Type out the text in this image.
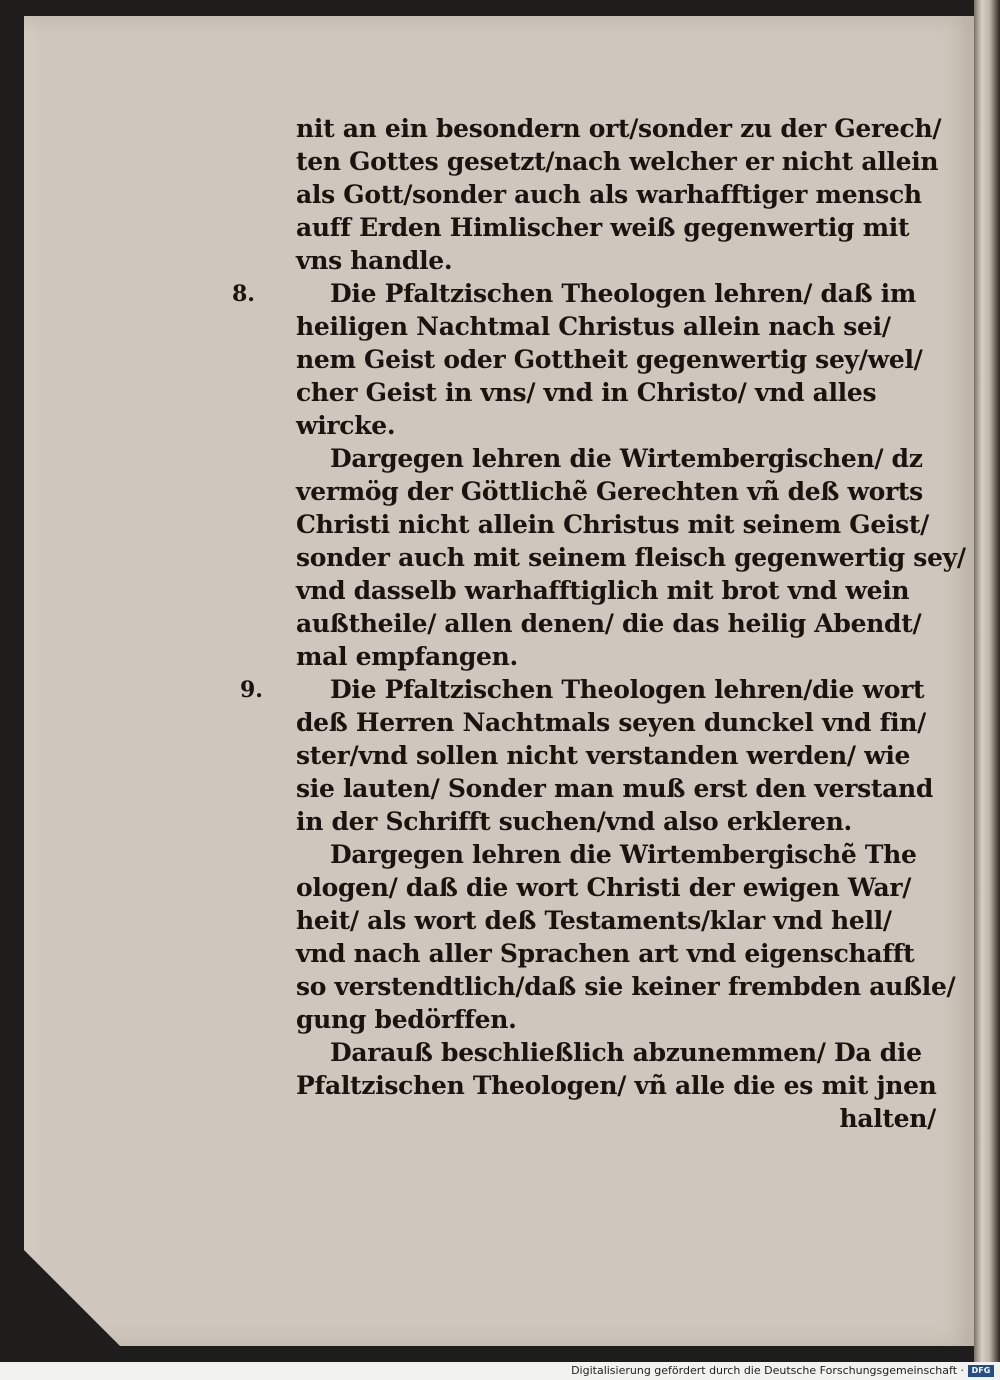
nit an ein besondern ort/sonder zu der Gerech/
ten Gottes gesetzt/nach welcher er nicht allein
als Gott/sonder auch als warhafftiger mensch
auff Erden Himlischer weiß gegenwertig mit
vns handle.
Die Pfaltzischen Theologen lehren/ daß im
heiligen Nachtmal Christus allein nach sei/
nem Geist oder Gottheit gegenwertig sey/wel/
cher Geist in vns/ vnd in Christo/ vnd alles
wircke.
Dargegen lehren die Wirtembergischen/ dz
vermög der Göttlichẽ Gerechten vñ deß worts
Christi nicht allein Christus mit seinem Geist/
sonder auch mit seinem fleisch gegenwertig sey/
vnd dasselb warhafftiglich mit brot vnd wein
außtheile/ allen denen/ die das heilig Abendt/
mal empfangen.
Die Pfaltzischen Theologen lehren/die wort
deß Herren Nachtmals seyen dunckel vnd fin/
ster/vnd sollen nicht verstanden werden/ wie
sie lauten/ Sonder man muß erst den verstand
in der Schrifft suchen/vnd also erkleren.
Dargegen lehren die Wirtembergischẽ The
ologen/ daß die wort Christi der ewigen War/
heit/ als wort deß Testaments/klar vnd hell/
vnd nach aller Sprachen art vnd eigenschafft
so verstendtlich/daß sie keiner frembden außle/
gung bedörffen.
Darauß beschließlich abzunemmen/ Da die
Pfaltzischen Theologen/ vñ alle die es mit jnen
halten/
8.
9.
Digitalisierung gefördert durch die Deutsche Forschungsgemeinschaft · DFG
